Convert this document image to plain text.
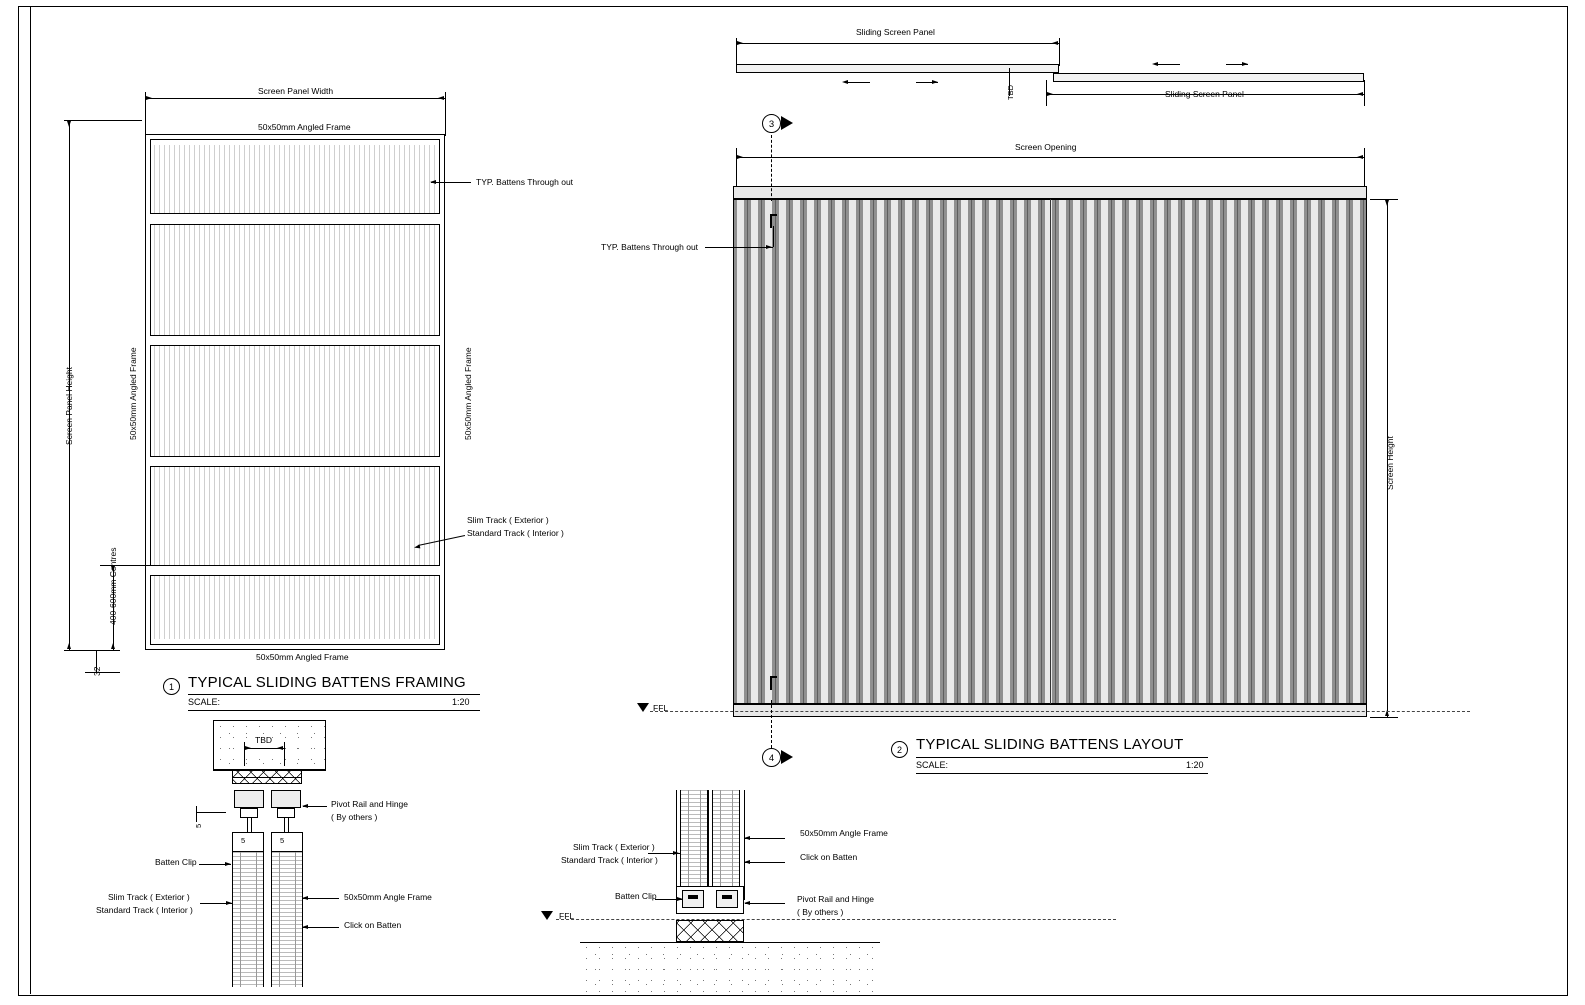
Screen Panel Width
50x50mm Angled Frame
Screen Panel Height	50x50mm Angled Frame	50x50mm Angled Frame
50x50mm Angled Frame
400-600mm Centres
32
TYP. Battens Through out
Slim Track ( Exterior )
Standard Track ( Interior )
1 TYPICAL SLIDING BATTENS FRAMING
SCALE:	1:20
Sliding Screen Panel
TBD	Sliding Screen Panel
Screen Opening
TYP. Battens Through out
Screen Height
FFL
3
4
2 TYPICAL SLIDING BATTENS LAYOUT
SCALE:	1:20
TBD
5
5	5
Pivot Rail and Hinge
( By others )
Batten Clip
Slim Track ( Exterior )
Standard Track ( Interior )
50x50mm Angle Frame
Click on Batten
FFL
Slim Track ( Exterior )
Standard Track ( Interior )
Batten Clip
50x50mm Angle Frame
Click on Batten
Pivot Rail and Hinge
( By others )
